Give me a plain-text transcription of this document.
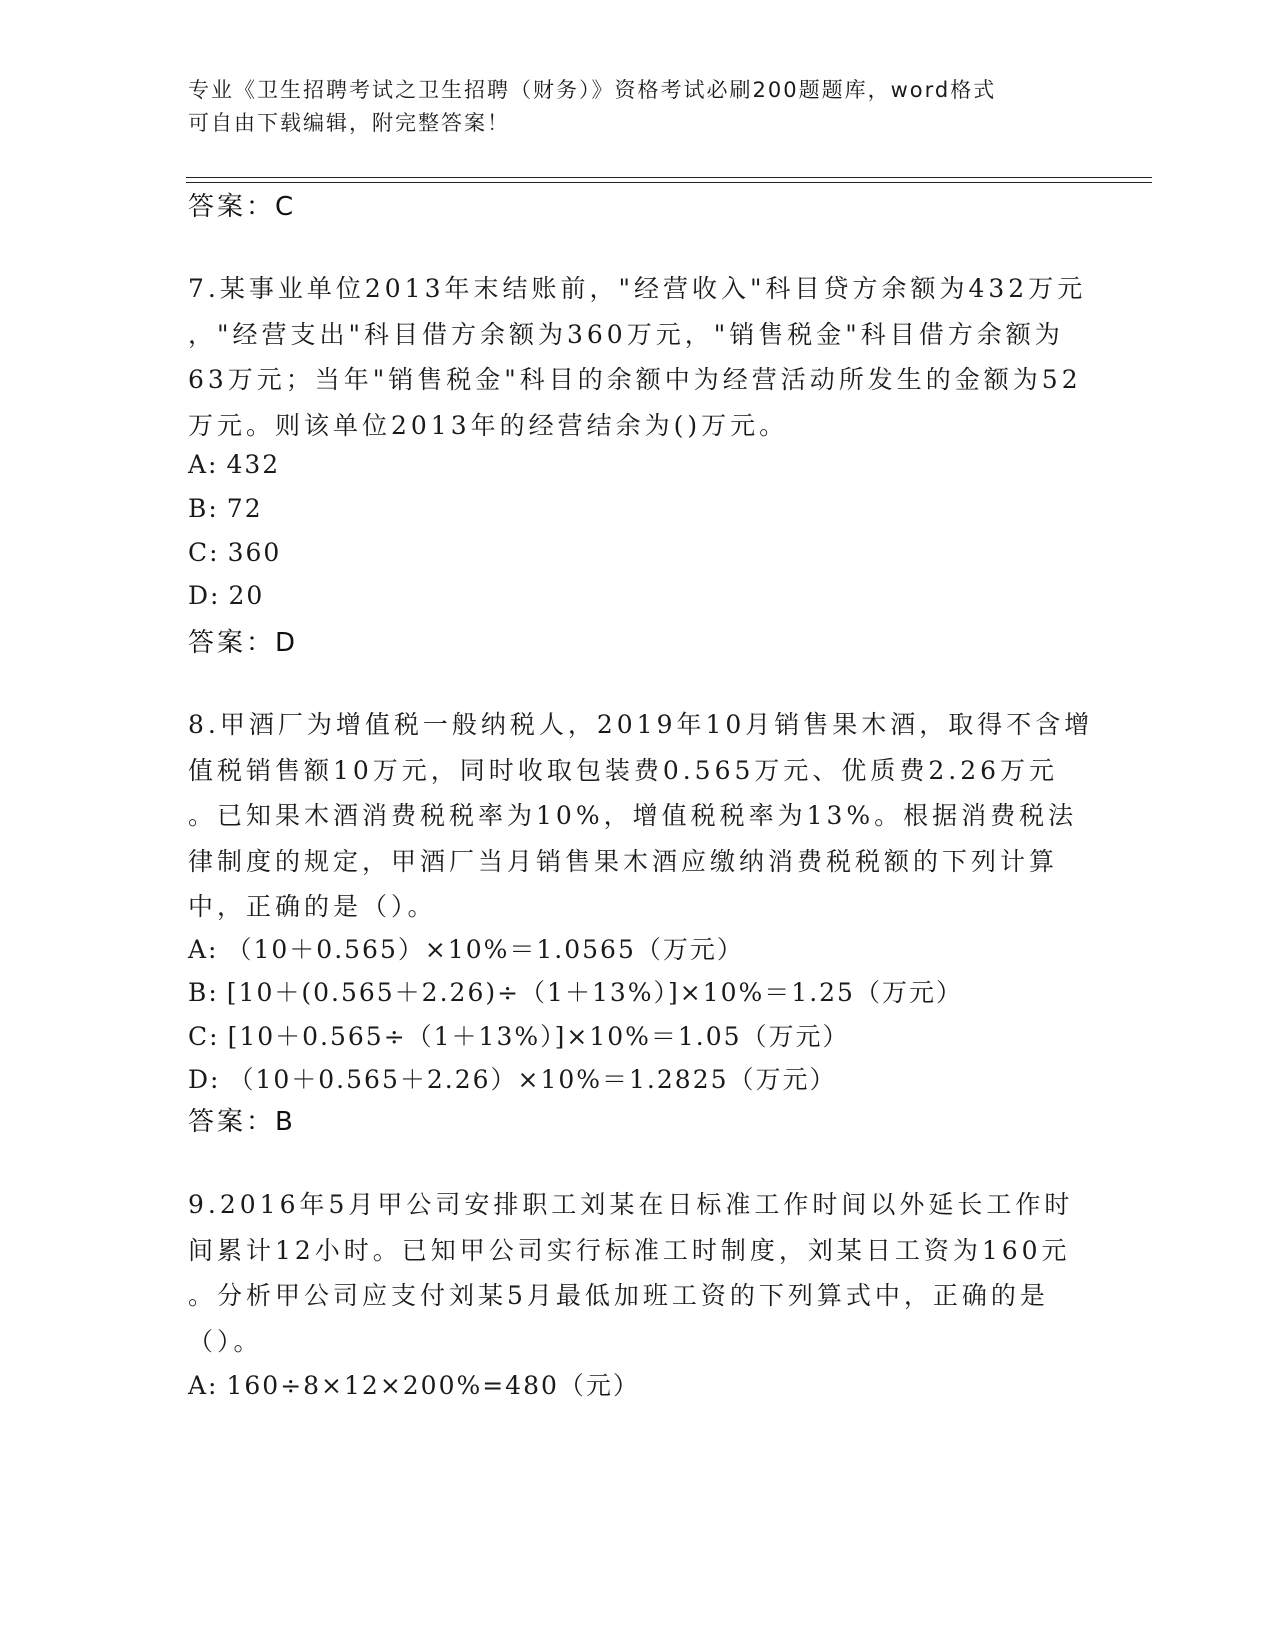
专业《卫生招聘考试之卫生招聘（财务）》资格考试必刷200题题库，word格式
可自由下载编辑，附完整答案！
答案：C
7.某事业单位2013年末结账前，"经营收入"科目贷方余额为432万元
，"经营支出"科目借方余额为360万元，"销售税金"科目借方余额为
63万元；当年"销售税金"科目的余额中为经营活动所发生的金额为52
万元。则该单位2013年的经营结余为()万元。
A: 432
B: 72
C: 360
D: 20
答案：D
8.甲酒厂为增值税一般纳税人，2019年10月销售果木酒，取得不含增
值税销售额10万元，同时收取包装费0.565万元、优质费2.26万元
。已知果木酒消费税税率为10%，增值税税率为13%。根据消费税法
律制度的规定，甲酒厂当月销售果木酒应缴纳消费税税额的下列计算
中，正确的是（）。
A: （10＋0.565）×10%＝1.0565（万元）
B: [10＋(0.565＋2.26)÷（1＋13%）]×10%＝1.25（万元）
C: [10＋0.565÷（1＋13%）]×10%＝1.05（万元）
D: （10＋0.565＋2.26）×10%＝1.2825（万元）
答案：B
9.2016年5月甲公司安排职工刘某在日标准工作时间以外延长工作时
间累计12小时。已知甲公司实行标准工时制度，刘某日工资为160元
。分析甲公司应支付刘某5月最低加班工资的下列算式中，正确的是
（）。
A: 160÷8×12×200%=480（元）
